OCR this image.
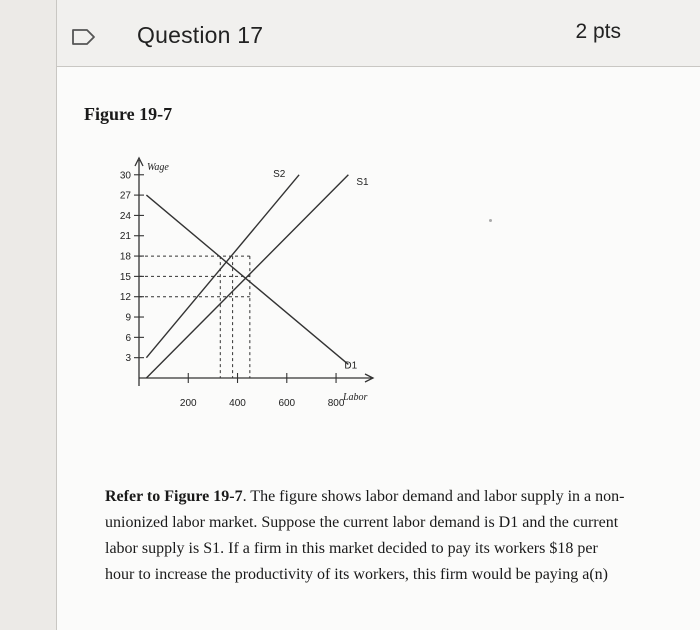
Question 17	2 pts
Figure 19-7
3
6
9
12
15
18
21
24
27
30
200	400	600	800
Wage
Labor
D1
S2
S1
Refer to Figure 19-7. The figure shows labor demand and labor supply in a non-unionized labor market. Suppose the current labor demand is D1 and the current labor supply is S1. If a firm in this market decided to pay its workers $18 per hour to increase the productivity of its workers, this firm would be paying a(n)
